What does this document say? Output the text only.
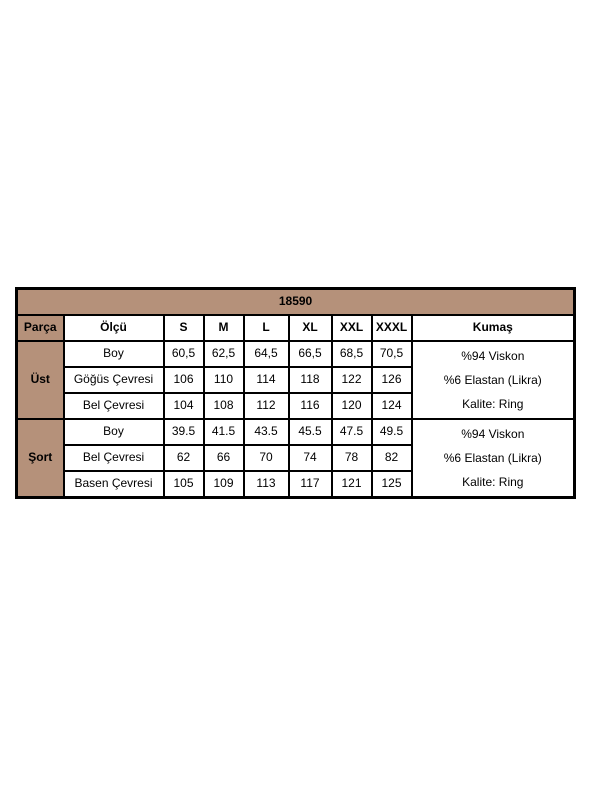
18590								
Parça	Ölçü	S	M	L	XL	XXL	XXXL	Kumaş
Üst	Boy	60,5	62,5	64,5	66,5	68,5	70,5	%94 Viskon
%6 Elastan (Likra)
Kalite: Ring

	Göğüs Çevresi	106	110	114	118	122	126	
	Bel Çevresi	104	108	112	116	120	124	
Şort	Boy	39.5	41.5	43.5	45.5	47.5	49.5	%94 Viskon
%6 Elastan (Likra)
Kalite: Ring

	Bel Çevresi	62	66	70	74	78	82	
	Basen Çevresi	105	109	113	117	121	125	
